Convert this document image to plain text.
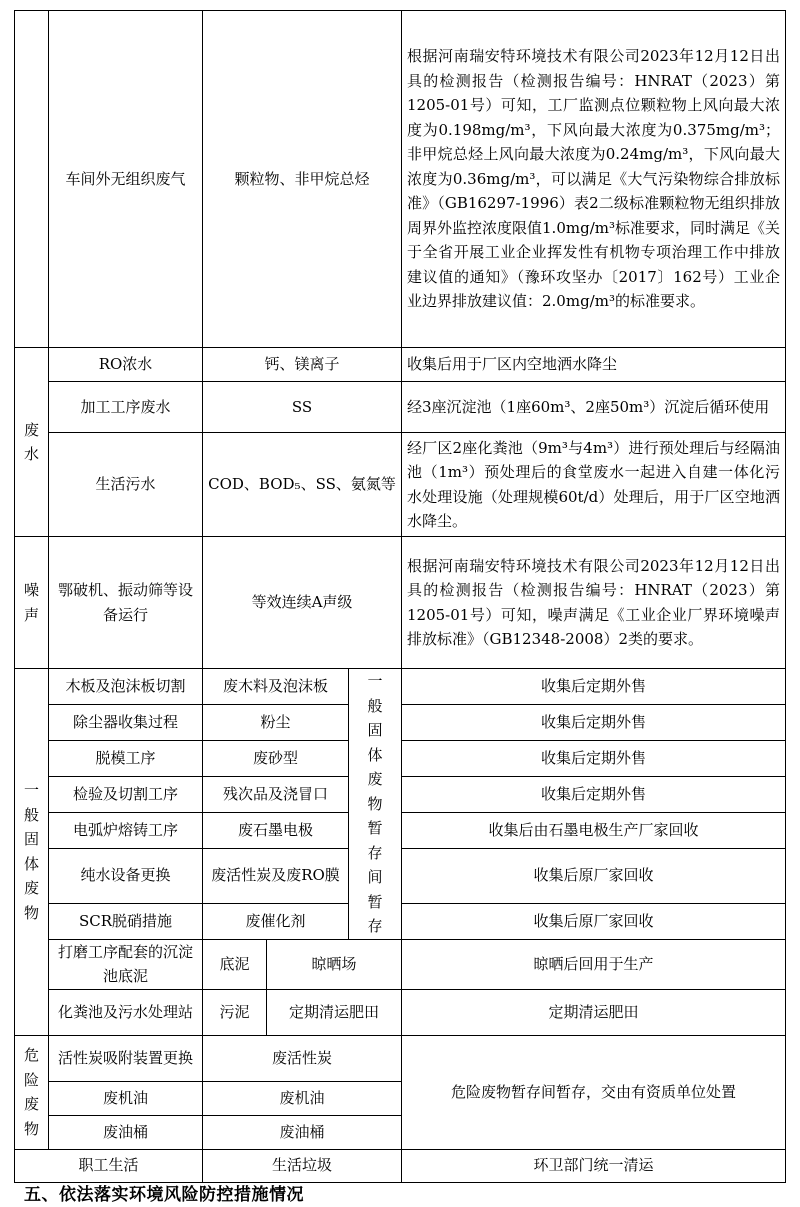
	车间外无组织废气	颗粒物、非甲烷总烃			根据河南瑞安特环境技术有限公司2023年12月12日出具的检测报告（检测报告编号：HNRAT（2023）第1205-01号）可知，工厂监测点位颗粒物上风向最大浓度为0.198mg/m³，下风向最大浓度为0.375mg/m³；非甲烷总烃上风向最大浓度为0.24mg/m³，下风向最大浓度为0.36mg/m³，可以满足《大气污染物综合排放标准》（GB16297-1996）表2二级标准颗粒物无组织排放周界外监控浓度限值1.0mg/m³标准要求，同时满足《关于全省开展工业企业挥发性有机物专项治理工作中排放建议值的通知》（豫环攻坚办〔2017〕162号）工业企业边界排放建议值：2.0mg/m³的标准要求。

废水	RO浓水	钙、镁离子			收集后用于厂区内空地洒水降尘
	加工工序废水	SS			经3座沉淀池（1座60m³、2座50m³）沉淀后循环使用
	生活污水	COD、BOD₅、SS、氨氮等			经厂区2座化粪池（9m³与4m³）进行预处理后与经隔油池（1m³）预处理后的食堂废水一起进入自建一体化污水处理设施（处理规模60t/d）处理后，用于厂区空地洒水降尘。

噪声	鄂破机、振动筛等设备运行	等效连续A声级			根据河南瑞安特环境技术有限公司2023年12月12日出具的检测报告（检测报告编号：HNRAT（2023）第1205-01号）可知，噪声满足《工业企业厂界环境噪声排放标准》（GB12348-2008）2类的要求。

一般固体废物	木板及泡沫板切割	废木料及泡沫板		一般固体废物暂存间暂存	收集后定期外售
	除尘器收集过程	粉尘			收集后定期外售
	脱模工序	废砂型			收集后定期外售
	检验及切割工序	残次品及浇冒口			收集后定期外售
	电弧炉熔铸工序	废石墨电极			收集后由石墨电极生产厂家回收
	纯水设备更换	废活性炭及废RO膜			收集后原厂家回收
	SCR脱硝措施	废催化剂			收集后原厂家回收
	打磨工序配套的沉淀池底泥	底泥	晾晒场		晾晒后回用于生产
	化粪池及污水处理站	污泥	定期清运肥田		定期清运肥田

危险废物	活性炭吸附装置更换	废活性炭			危险废物暂存间暂存，交由有资质单位处置
	废机油	废机油			
	废油桶	废油桶			
职工生活		生活垃圾			环卫部门统一清运
五、依法落实环境风险防控措施情况
